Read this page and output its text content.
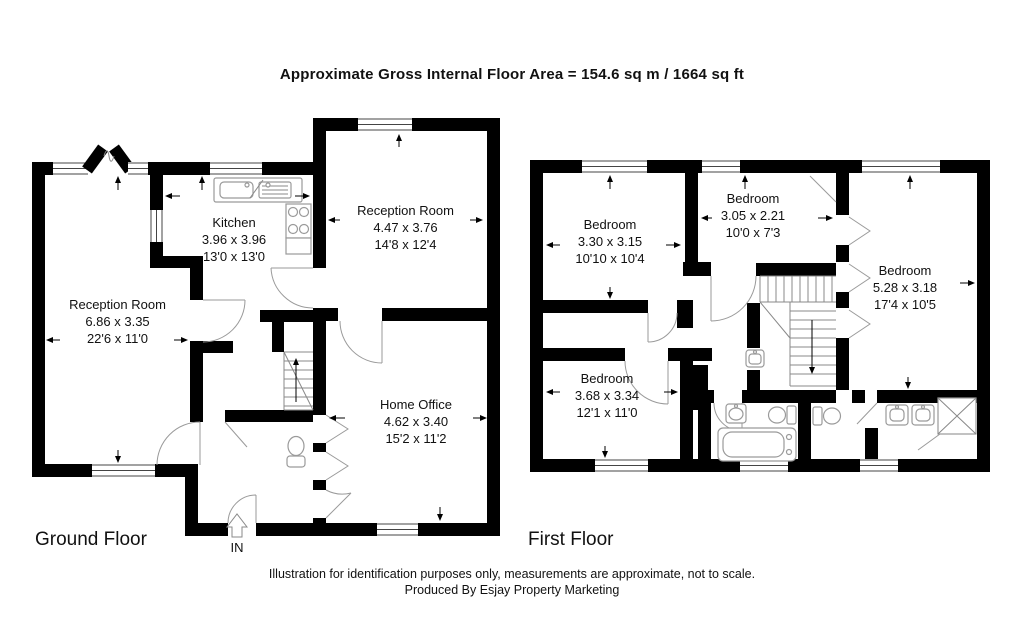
Approximate Gross Internal Floor Area = 154.6 sq m / 1664 sq ft
Reception Room
6.86 x 3.35
22'6 x 11'0
Kitchen
3.96 x 3.96
13'0 x 13'0
Reception Room
4.47 x 3.76
14'8 x 12'4
Home Office
4.62 x 3.40
15'2 x 11'2
Bedroom
3.30 x 3.15
10'10 x 10'4
Bedroom
3.05 x 2.21
10'0 x 7'3
Bedroom
5.28 x 3.18
17'4 x 10'5
Bedroom
3.68 x 3.34
12'1 x 11'0
Ground Floor	First Floor
IN
Illustration for identification purposes only, measurements are approximate, not to scale.
Produced By Esjay Property Marketing
